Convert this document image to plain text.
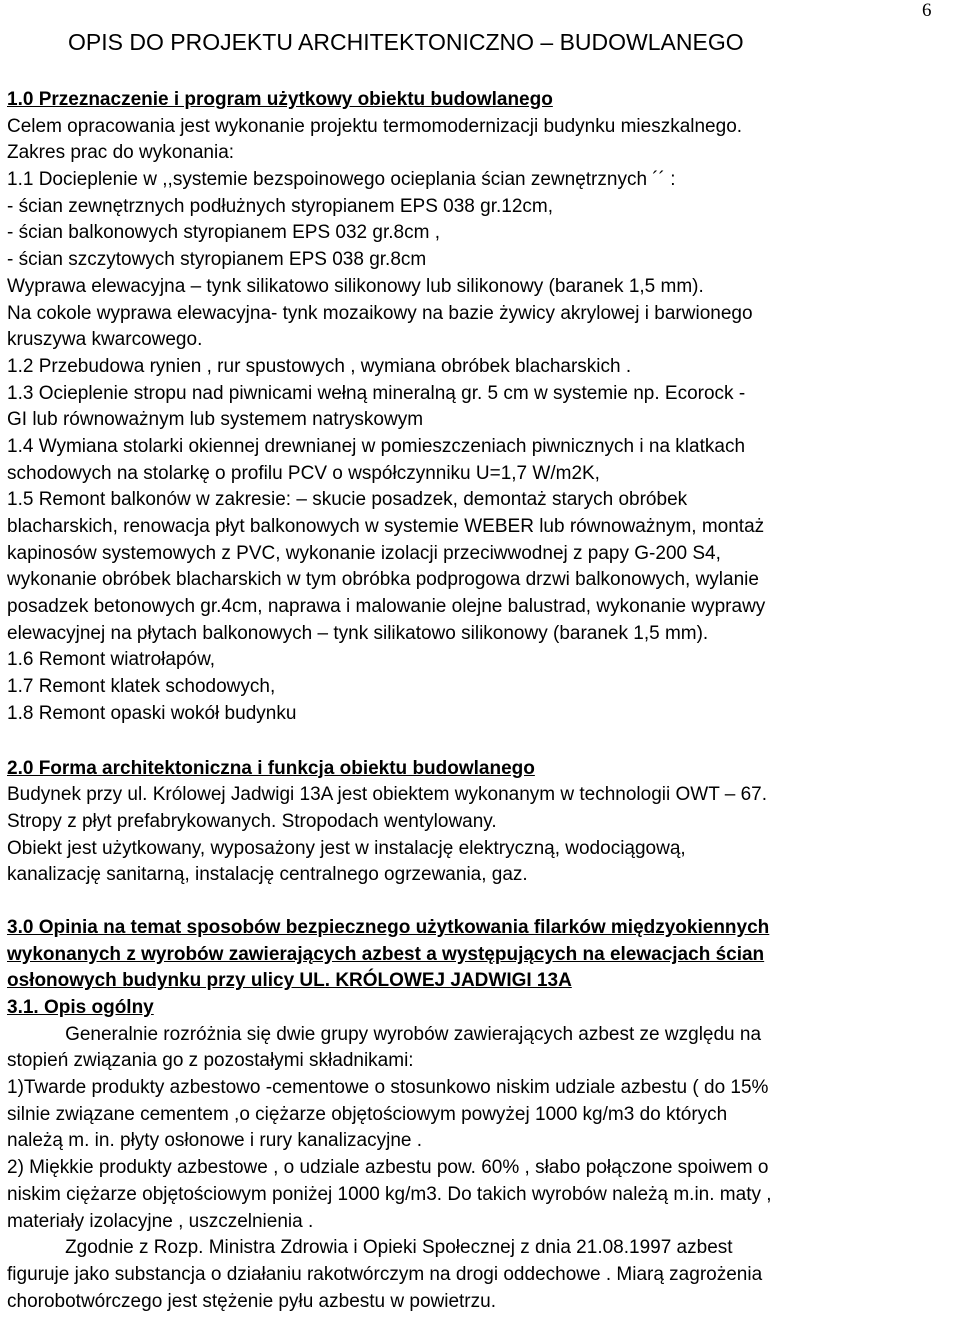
6
OPIS DO PROJEKTU ARCHITEKTONICZNO – BUDOWLANEGO
1.0 Przeznaczenie i program użytkowy obiektu budowlanego
Celem opracowania jest wykonanie projektu termomodernizacji budynku mieszkalnego.
Zakres prac do wykonania:
1.1 Docieplenie w ,,systemie bezspoinowego ocieplania ścian zewnętrznych ´´ :
- ścian zewnętrznych podłużnych styropianem EPS 038 gr.12cm,
- ścian balkonowych styropianem EPS 032 gr.8cm ,
- ścian szczytowych styropianem EPS 038 gr.8cm
Wyprawa elewacyjna – tynk silikatowo silikonowy lub silikonowy (baranek 1,5 mm).
Na cokole wyprawa elewacyjna- tynk mozaikowy na bazie żywicy akrylowej i barwionego
kruszywa kwarcowego.
1.2 Przebudowa rynien , rur spustowych , wymiana obróbek blacharskich .
1.3 Ocieplenie stropu nad piwnicami wełną mineralną gr. 5 cm w systemie np. Ecorock -
GI lub równoważnym lub systemem natryskowym
1.4 Wymiana stolarki okiennej drewnianej w pomieszczeniach piwnicznych i na klatkach
schodowych na stolarkę o profilu PCV o współczynniku U=1,7 W/m2K,
1.5 Remont balkonów w zakresie: – skucie posadzek, demontaż starych obróbek
blacharskich, renowacja płyt balkonowych w systemie WEBER lub równoważnym, montaż
kapinosów systemowych z PVC, wykonanie izolacji przeciwwodnej z papy G-200 S4,
wykonanie obróbek blacharskich w tym obróbka podprogowa drzwi balkonowych, wylanie
posadzek betonowych gr.4cm, naprawa i malowanie olejne balustrad, wykonanie wyprawy
elewacyjnej na płytach balkonowych – tynk silikatowo silikonowy (baranek 1,5 mm).
1.6 Remont wiatrołapów,
1.7 Remont klatek schodowych,
1.8 Remont opaski wokół budynku
2.0 Forma architektoniczna i funkcja obiektu budowlanego
Budynek przy ul. Królowej Jadwigi 13A jest obiektem wykonanym w technologii OWT – 67.
Stropy z płyt prefabrykowanych. Stropodach wentylowany.
Obiekt jest użytkowany, wyposażony jest w instalację elektryczną, wodociągową,
kanalizację sanitarną, instalację centralnego ogrzewania, gaz.
3.0 Opinia na temat sposobów bezpiecznego użytkowania filarków międzyokiennych
wykonanych z wyrobów zawierających azbest a występujących na elewacjach ścian
osłonowych budynku przy ulicy UL. KRÓLOWEJ JADWIGI 13A
3.1. Opis ogólny
Generalnie rozróżnia się dwie grupy wyrobów zawierających azbest ze względu na
stopień związania go z pozostałymi składnikami:
1)Twarde produkty azbestowo -cementowe o stosunkowo niskim udziale azbestu ( do 15%
silnie związane cementem ,o ciężarze objętościowym powyżej 1000 kg/m3 do których
należą m. in. płyty osłonowe i rury kanalizacyjne .
2) Miękkie produkty azbestowe , o udziale azbestu pow. 60% , słabo połączone spoiwem o
niskim ciężarze objętościowym poniżej 1000 kg/m3. Do takich wyrobów należą m.in. maty ,
materiały izolacyjne , uszczelnienia .
Zgodnie z Rozp. Ministra Zdrowia i Opieki Społecznej z dnia 21.08.1997 azbest
figuruje jako substancja o działaniu rakotwórczym na drogi oddechowe . Miarą zagrożenia
chorobotwórczego jest stężenie pyłu azbestu w powietrzu.
